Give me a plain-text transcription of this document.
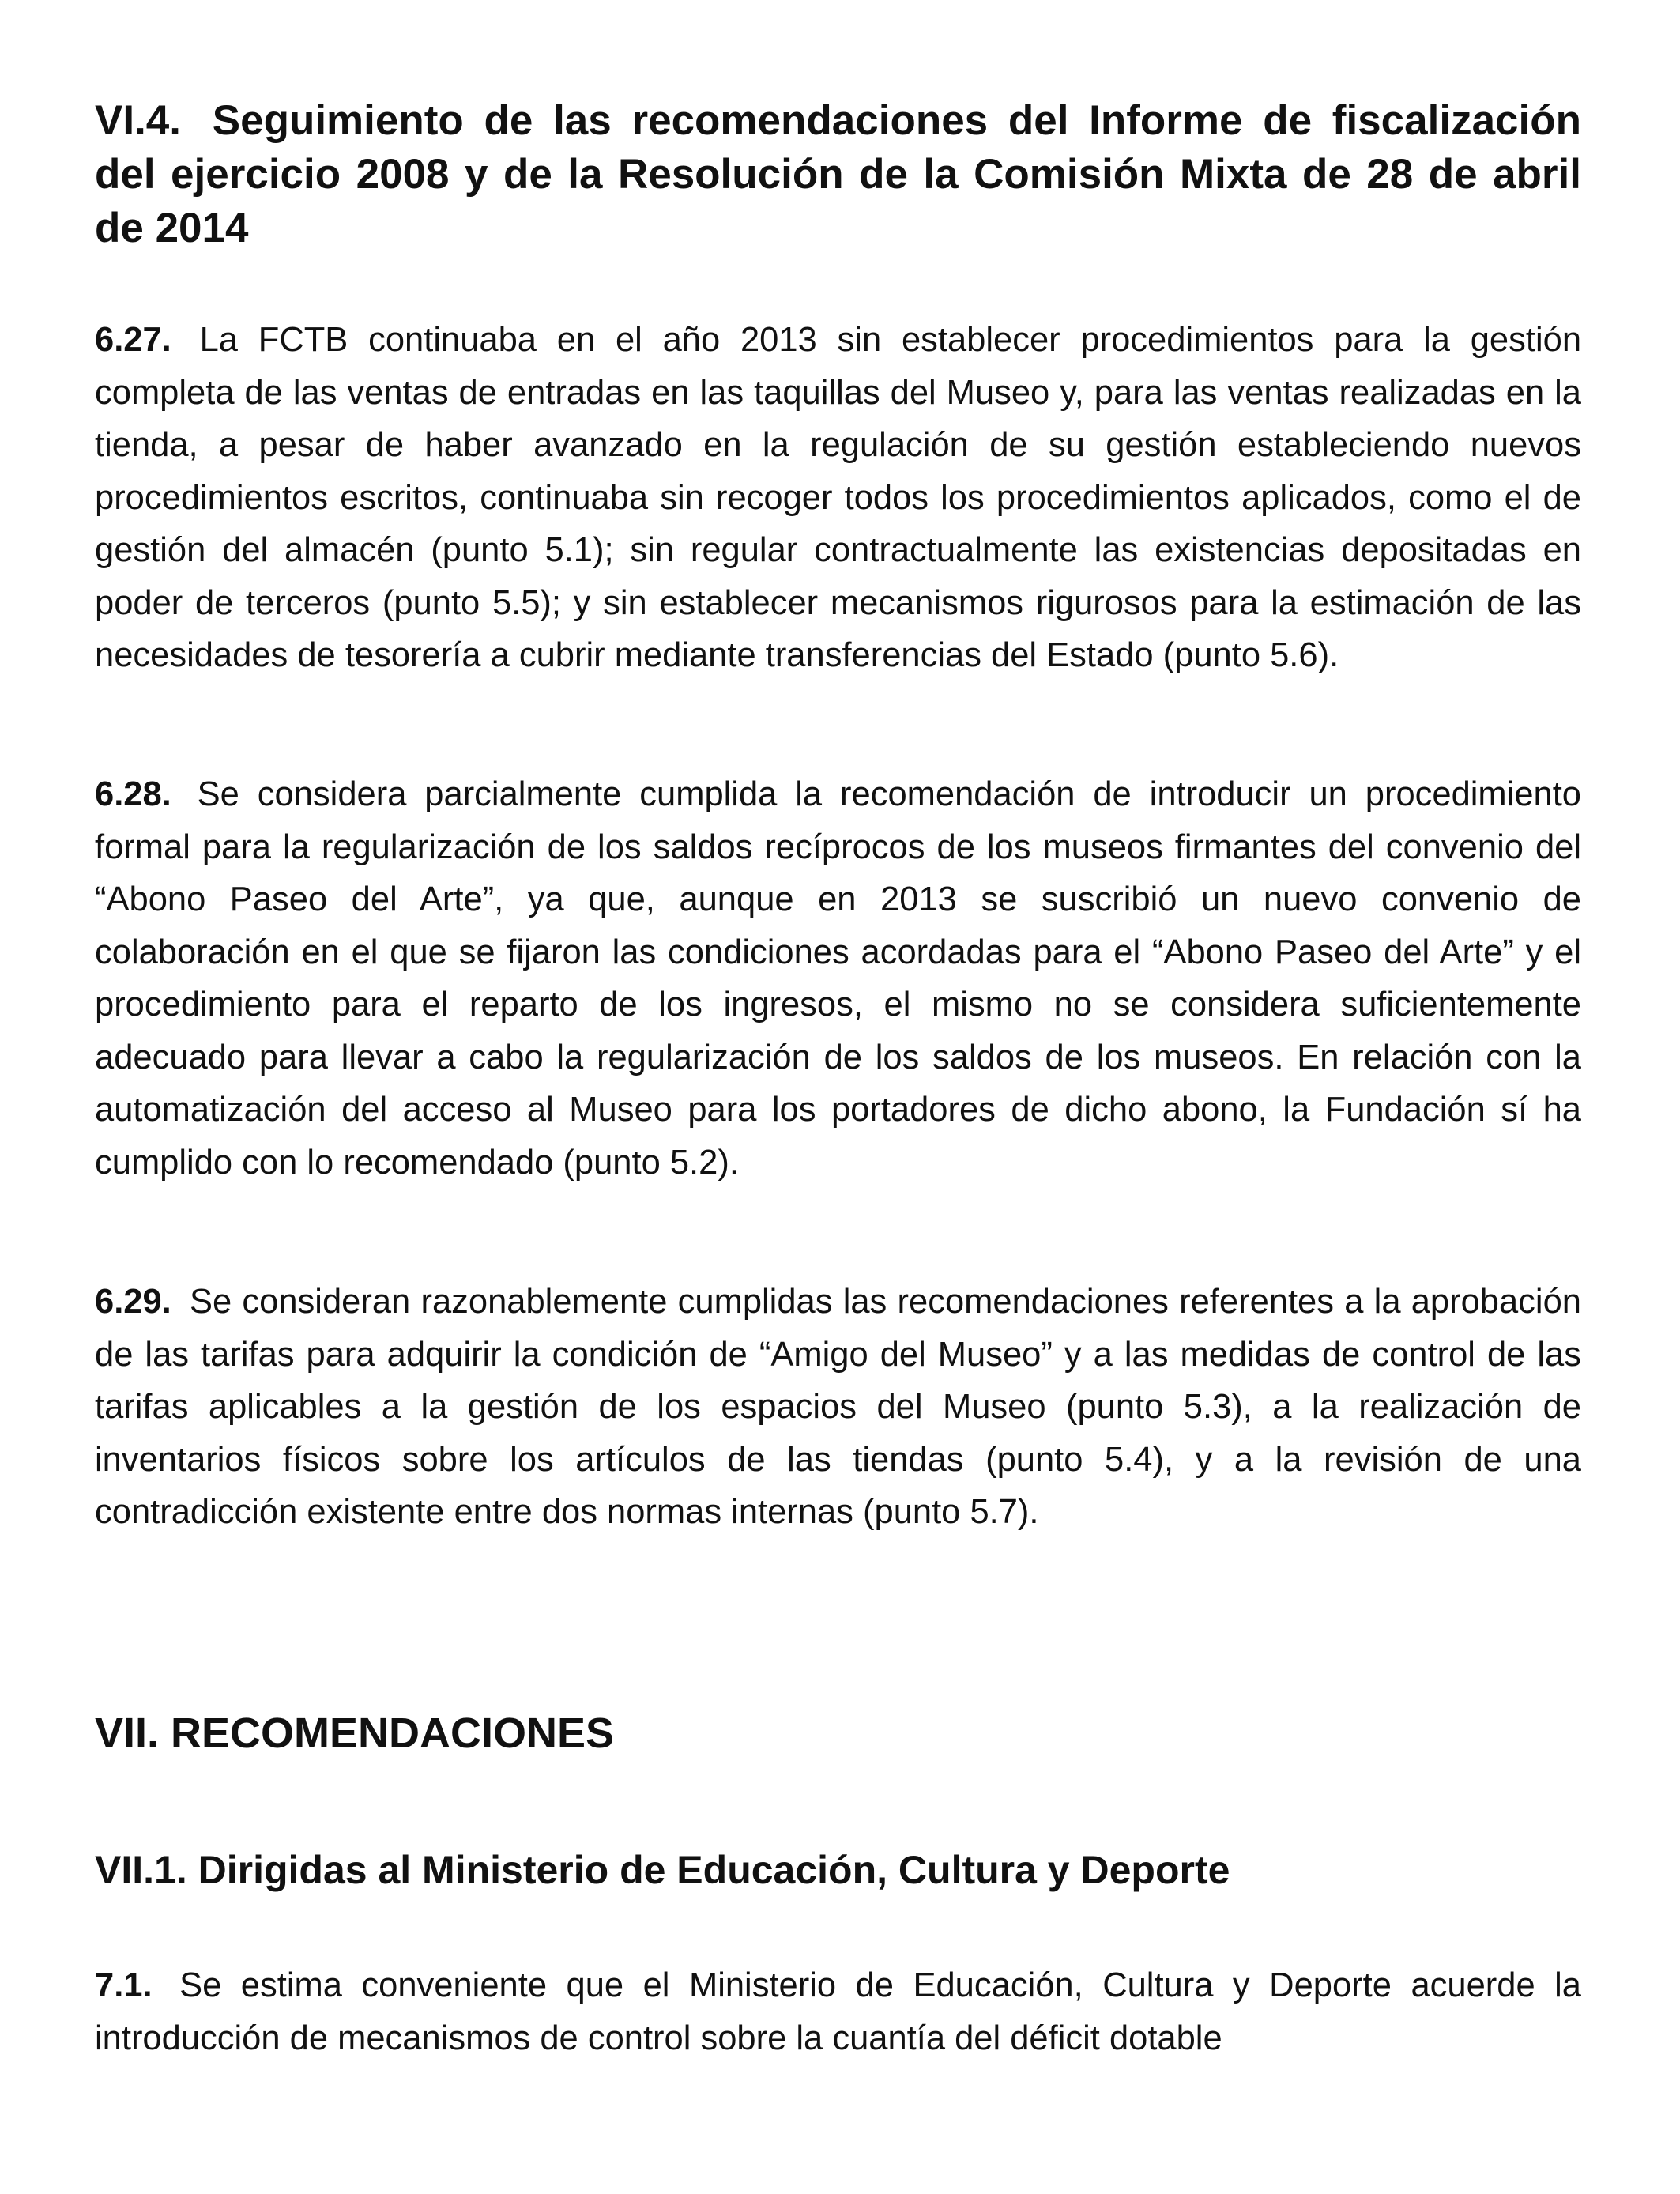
VI.4. Seguimiento de las recomendaciones del Informe de fiscalización del ejercicio 2008 y de la Resolución de la Comisión Mixta de 28 de abril de 2014

6.27. La FCTB continuaba en el año 2013 sin establecer procedimientos para la gestión completa de las ventas de entradas en las taquillas del Museo y, para las ventas realizadas en la tienda, a pesar de haber avanzado en la regulación de su gestión estableciendo nuevos procedimientos escritos, continuaba sin recoger todos los procedimientos aplicados, como el de gestión del almacén (punto 5.1); sin regular contractualmente las existencias depositadas en poder de terceros (punto 5.5); y sin establecer mecanismos rigurosos para la estimación de las necesidades de tesorería a cubrir mediante transferencias del Estado (punto 5.6).

6.28. Se considera parcialmente cumplida la recomendación de introducir un procedimiento formal para la regularización de los saldos recíprocos de los museos firmantes del convenio del “Abono Paseo del Arte”, ya que, aunque en 2013 se suscribió un nuevo convenio de colaboración en el que se fijaron las condiciones acordadas para el “Abono Paseo del Arte” y el procedimiento para el reparto de los ingresos, el mismo no se considera suficientemente adecuado para llevar a cabo la regularización de los saldos de los museos. En relación con la automatización del acceso al Museo para los portadores de dicho abono, la Fundación sí ha cumplido con lo recomendado (punto 5.2).

6.29. Se consideran razonablemente cumplidas las recomendaciones referentes a la aprobación de las tarifas para adquirir la condición de “Amigo del Museo” y a las medidas de control de las tarifas aplicables a la gestión de los espacios del Museo (punto 5.3), a la realización de inventarios físicos sobre los artículos de las tiendas (punto 5.4), y a la revisión de una contradicción existente entre dos normas internas (punto 5.7).

VII. RECOMENDACIONES
VII.1. Dirigidas al Ministerio de Educación, Cultura y Deporte

7.1. Se estima conveniente que el Ministerio de Educación, Cultura y Deporte acuerde la introducción de mecanismos de control sobre la cuantía del déficit dotable
